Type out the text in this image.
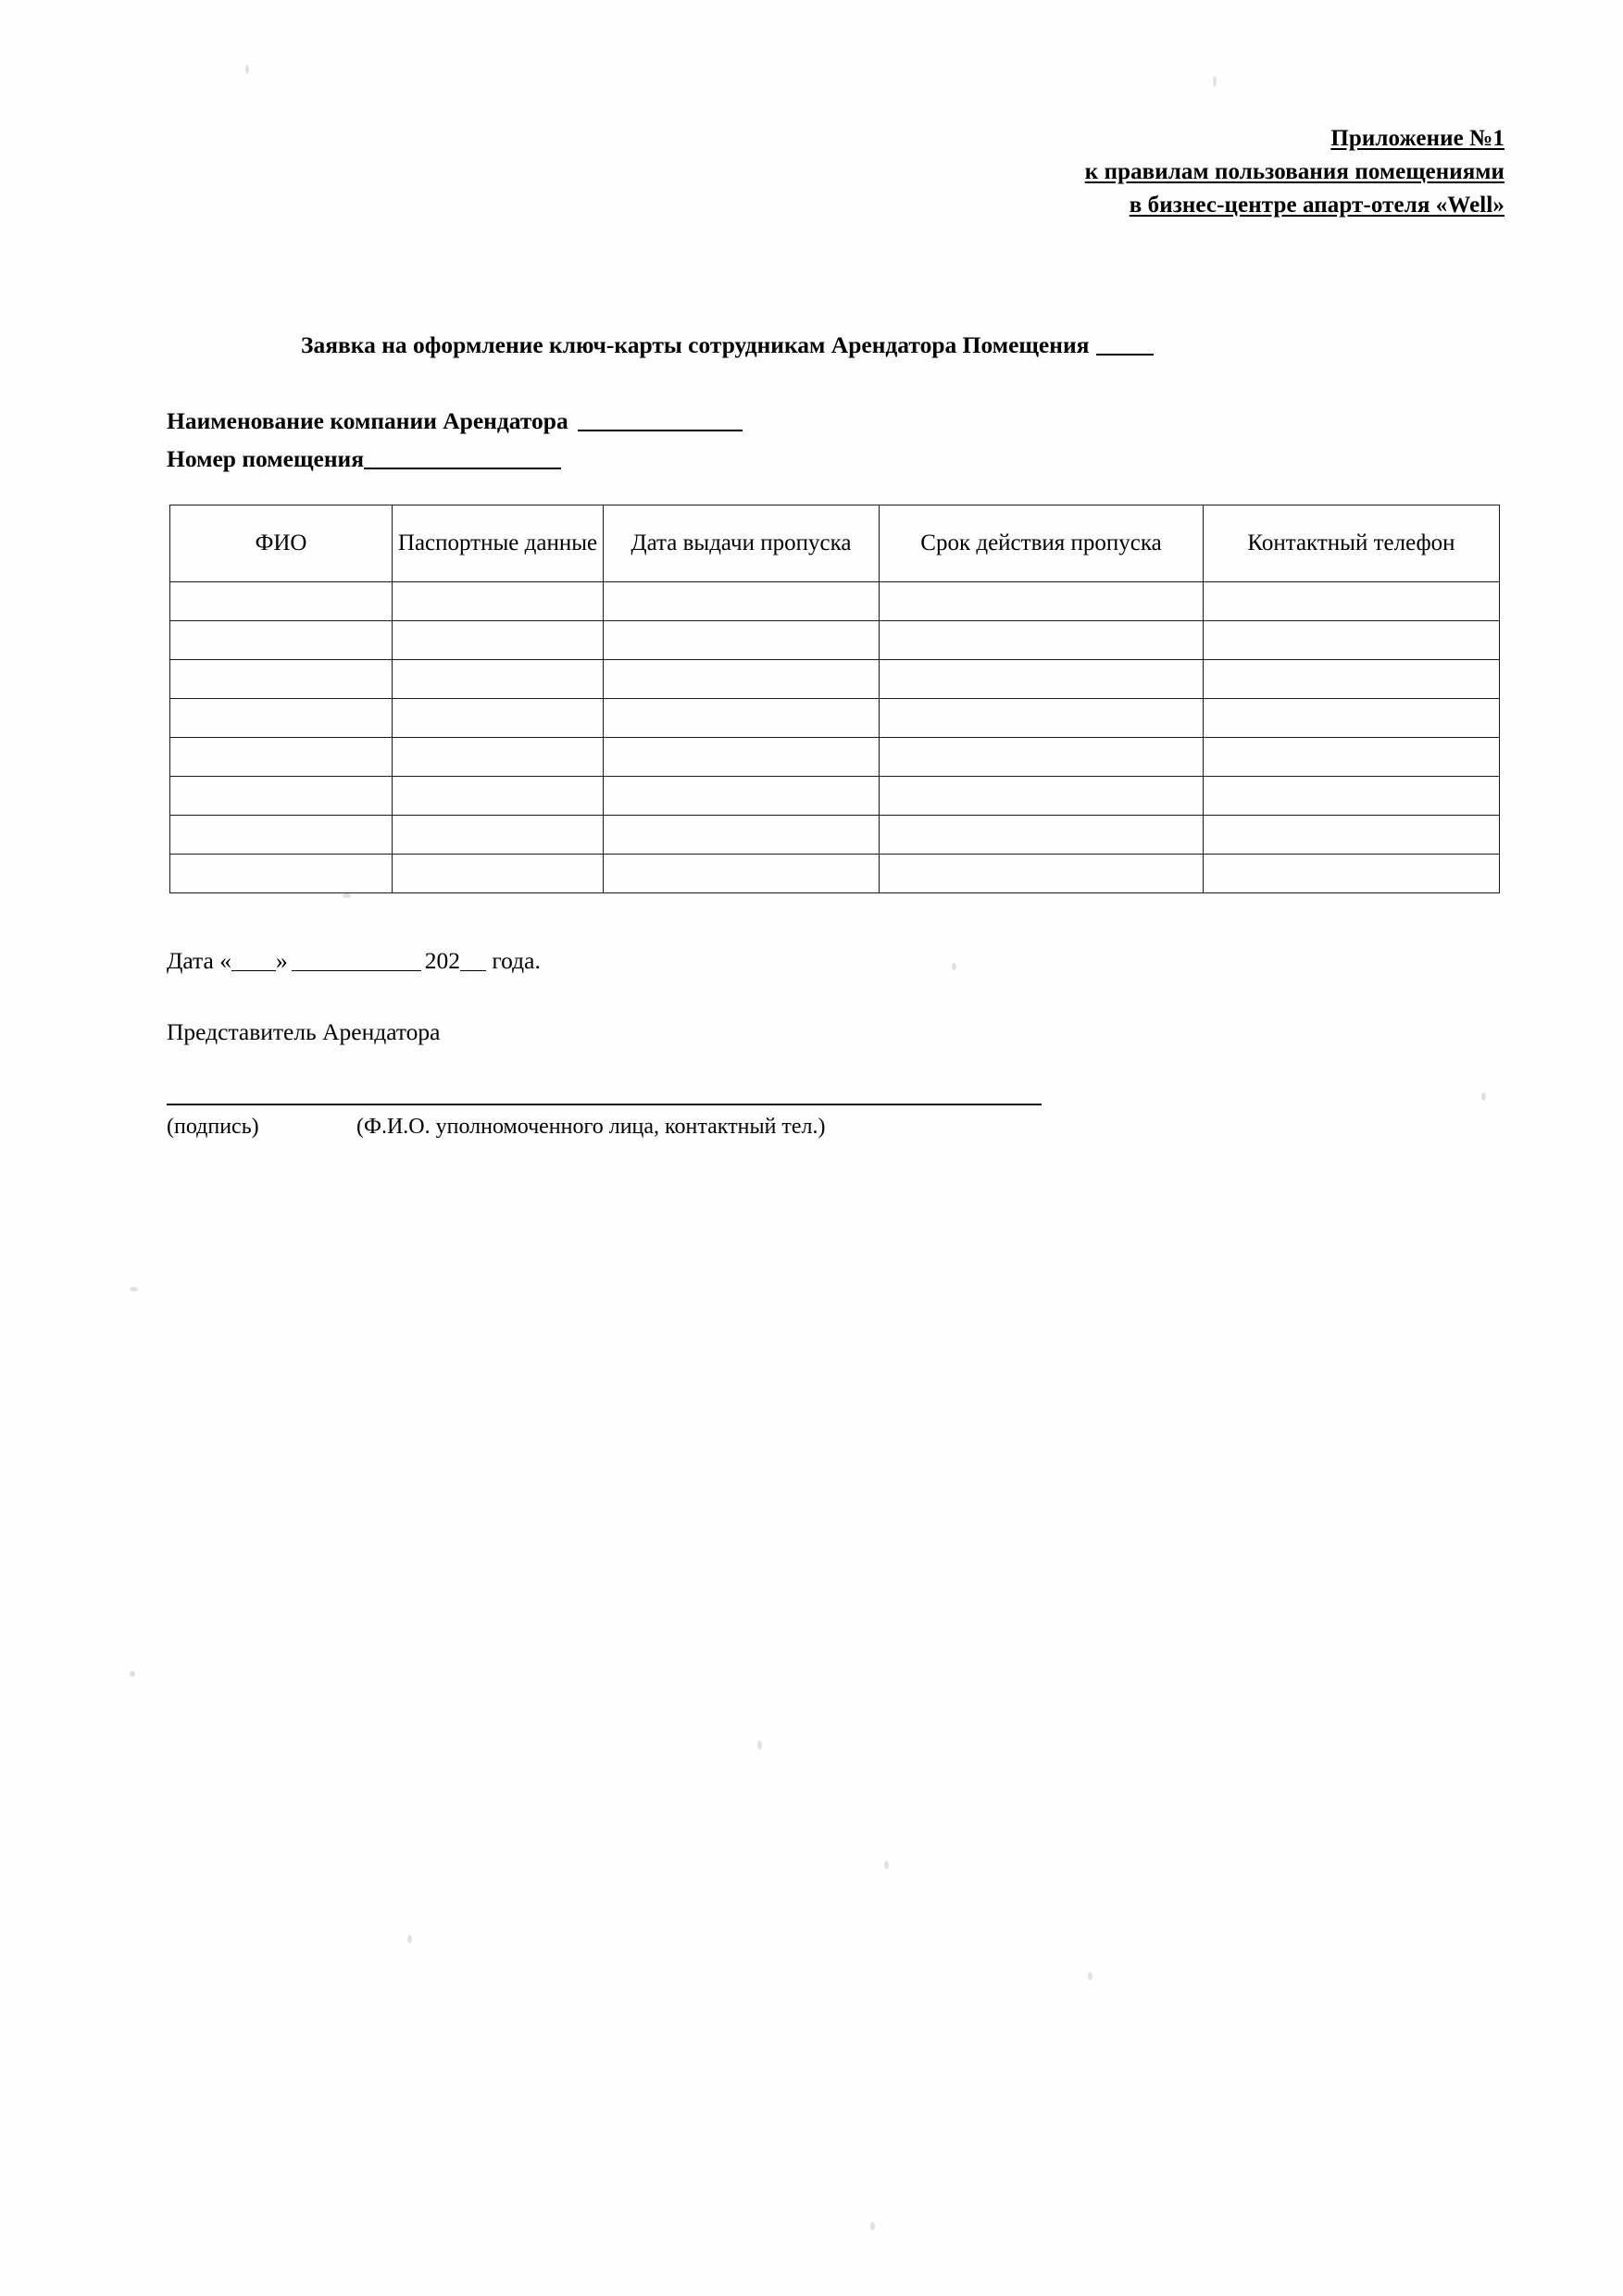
Приложение №1
к правилам пользования помещениями
в бизнес-центре апарт-отеля «Well»
Заявка на оформление ключ-карты сотрудникам Арендатора Помещения
Наименование компании Арендатора
Номер помещения
ФИО	Паспортные данные	Дата выдачи пропуска	Срок действия пропуска	Контактный телефон

Дата « »	202 года.
Представитель Арендатора
(подпись)	(Ф.И.О. уполномоченного лица, контактный тел.)
